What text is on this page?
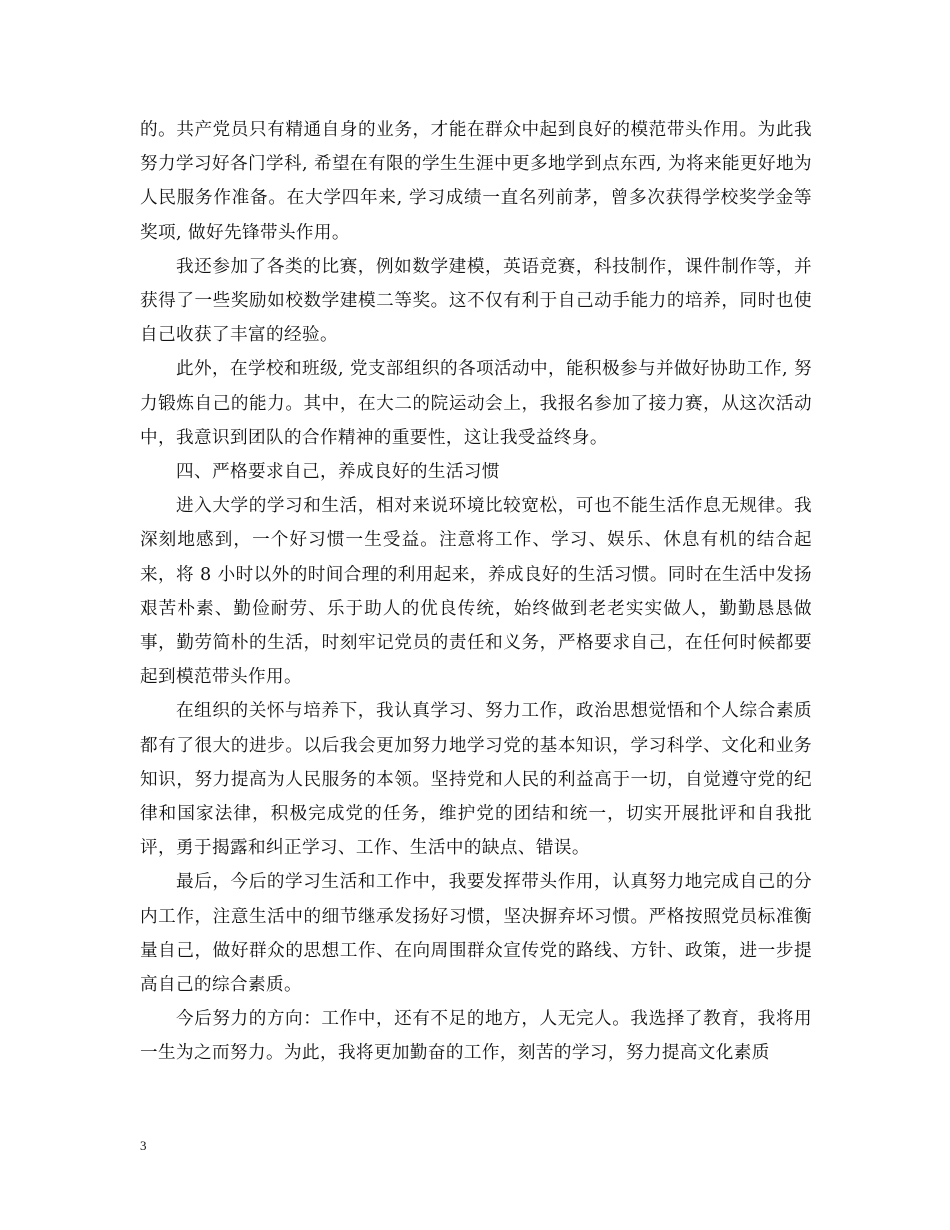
的。共产党员只有精通自身的业务，才能在群众中起到良好的模范带头作用。为此我努力学习好各门学科, 希望在有限的学生生涯中更多地学到点东西, 为将来能更好地为人民服务作准备。在大学四年来, 学习成绩一直名列前茅，曾多次获得学校奖学金等奖项, 做好先锋带头作用。

我还参加了各类的比赛，例如数学建模，英语竞赛，科技制作，课件制作等，并获得了一些奖励如校数学建模二等奖。这不仅有利于自己动手能力的培养，同时也使自己收获了丰富的经验。

此外，在学校和班级, 党支部组织的各项活动中，能积极参与并做好协助工作, 努力锻炼自己的能力。其中，在大二的院运动会上，我报名参加了接力赛，从这次活动中，我意识到团队的合作精神的重要性，这让我受益终身。

四、严格要求自己，养成良好的生活习惯

进入大学的学习和生活，相对来说环境比较宽松，可也不能生活作息无规律。我深刻地感到，一个好习惯一生受益。注意将工作、学习、娱乐、休息有机的结合起来，将 8 小时以外的时间合理的利用起来，养成良好的生活习惯。同时在生活中发扬艰苦朴素、勤俭耐劳、乐于助人的优良传统，始终做到老老实实做人，勤勤恳恳做事，勤劳简朴的生活，时刻牢记党员的责任和义务，严格要求自己，在任何时候都要起到模范带头作用。

在组织的关怀与培养下，我认真学习、努力工作，政治思想觉悟和个人综合素质都有了很大的进步。以后我会更加努力地学习党的基本知识，学习科学、文化和业务知识，努力提高为人民服务的本领。坚持党和人民的利益高于一切，自觉遵守党的纪律和国家法律，积极完成党的任务，维护党的团结和统一，切实开展批评和自我批评，勇于揭露和纠正学习、工作、生活中的缺点、错误。

最后，今后的学习生活和工作中，我要发挥带头作用，认真努力地完成自己的分内工作，注意生活中的细节继承发扬好习惯，坚决摒弃坏习惯。严格按照党员标准衡量自己，做好群众的思想工作、在向周围群众宣传党的路线、方针、政策，进一步提高自己的综合素质。

今后努力的方向：工作中，还有不足的地方，人无完人。我选择了教育，我将用一生为之而努力。为此，我将更加勤奋的工作，刻苦的学习，努力提高文化素质

3
